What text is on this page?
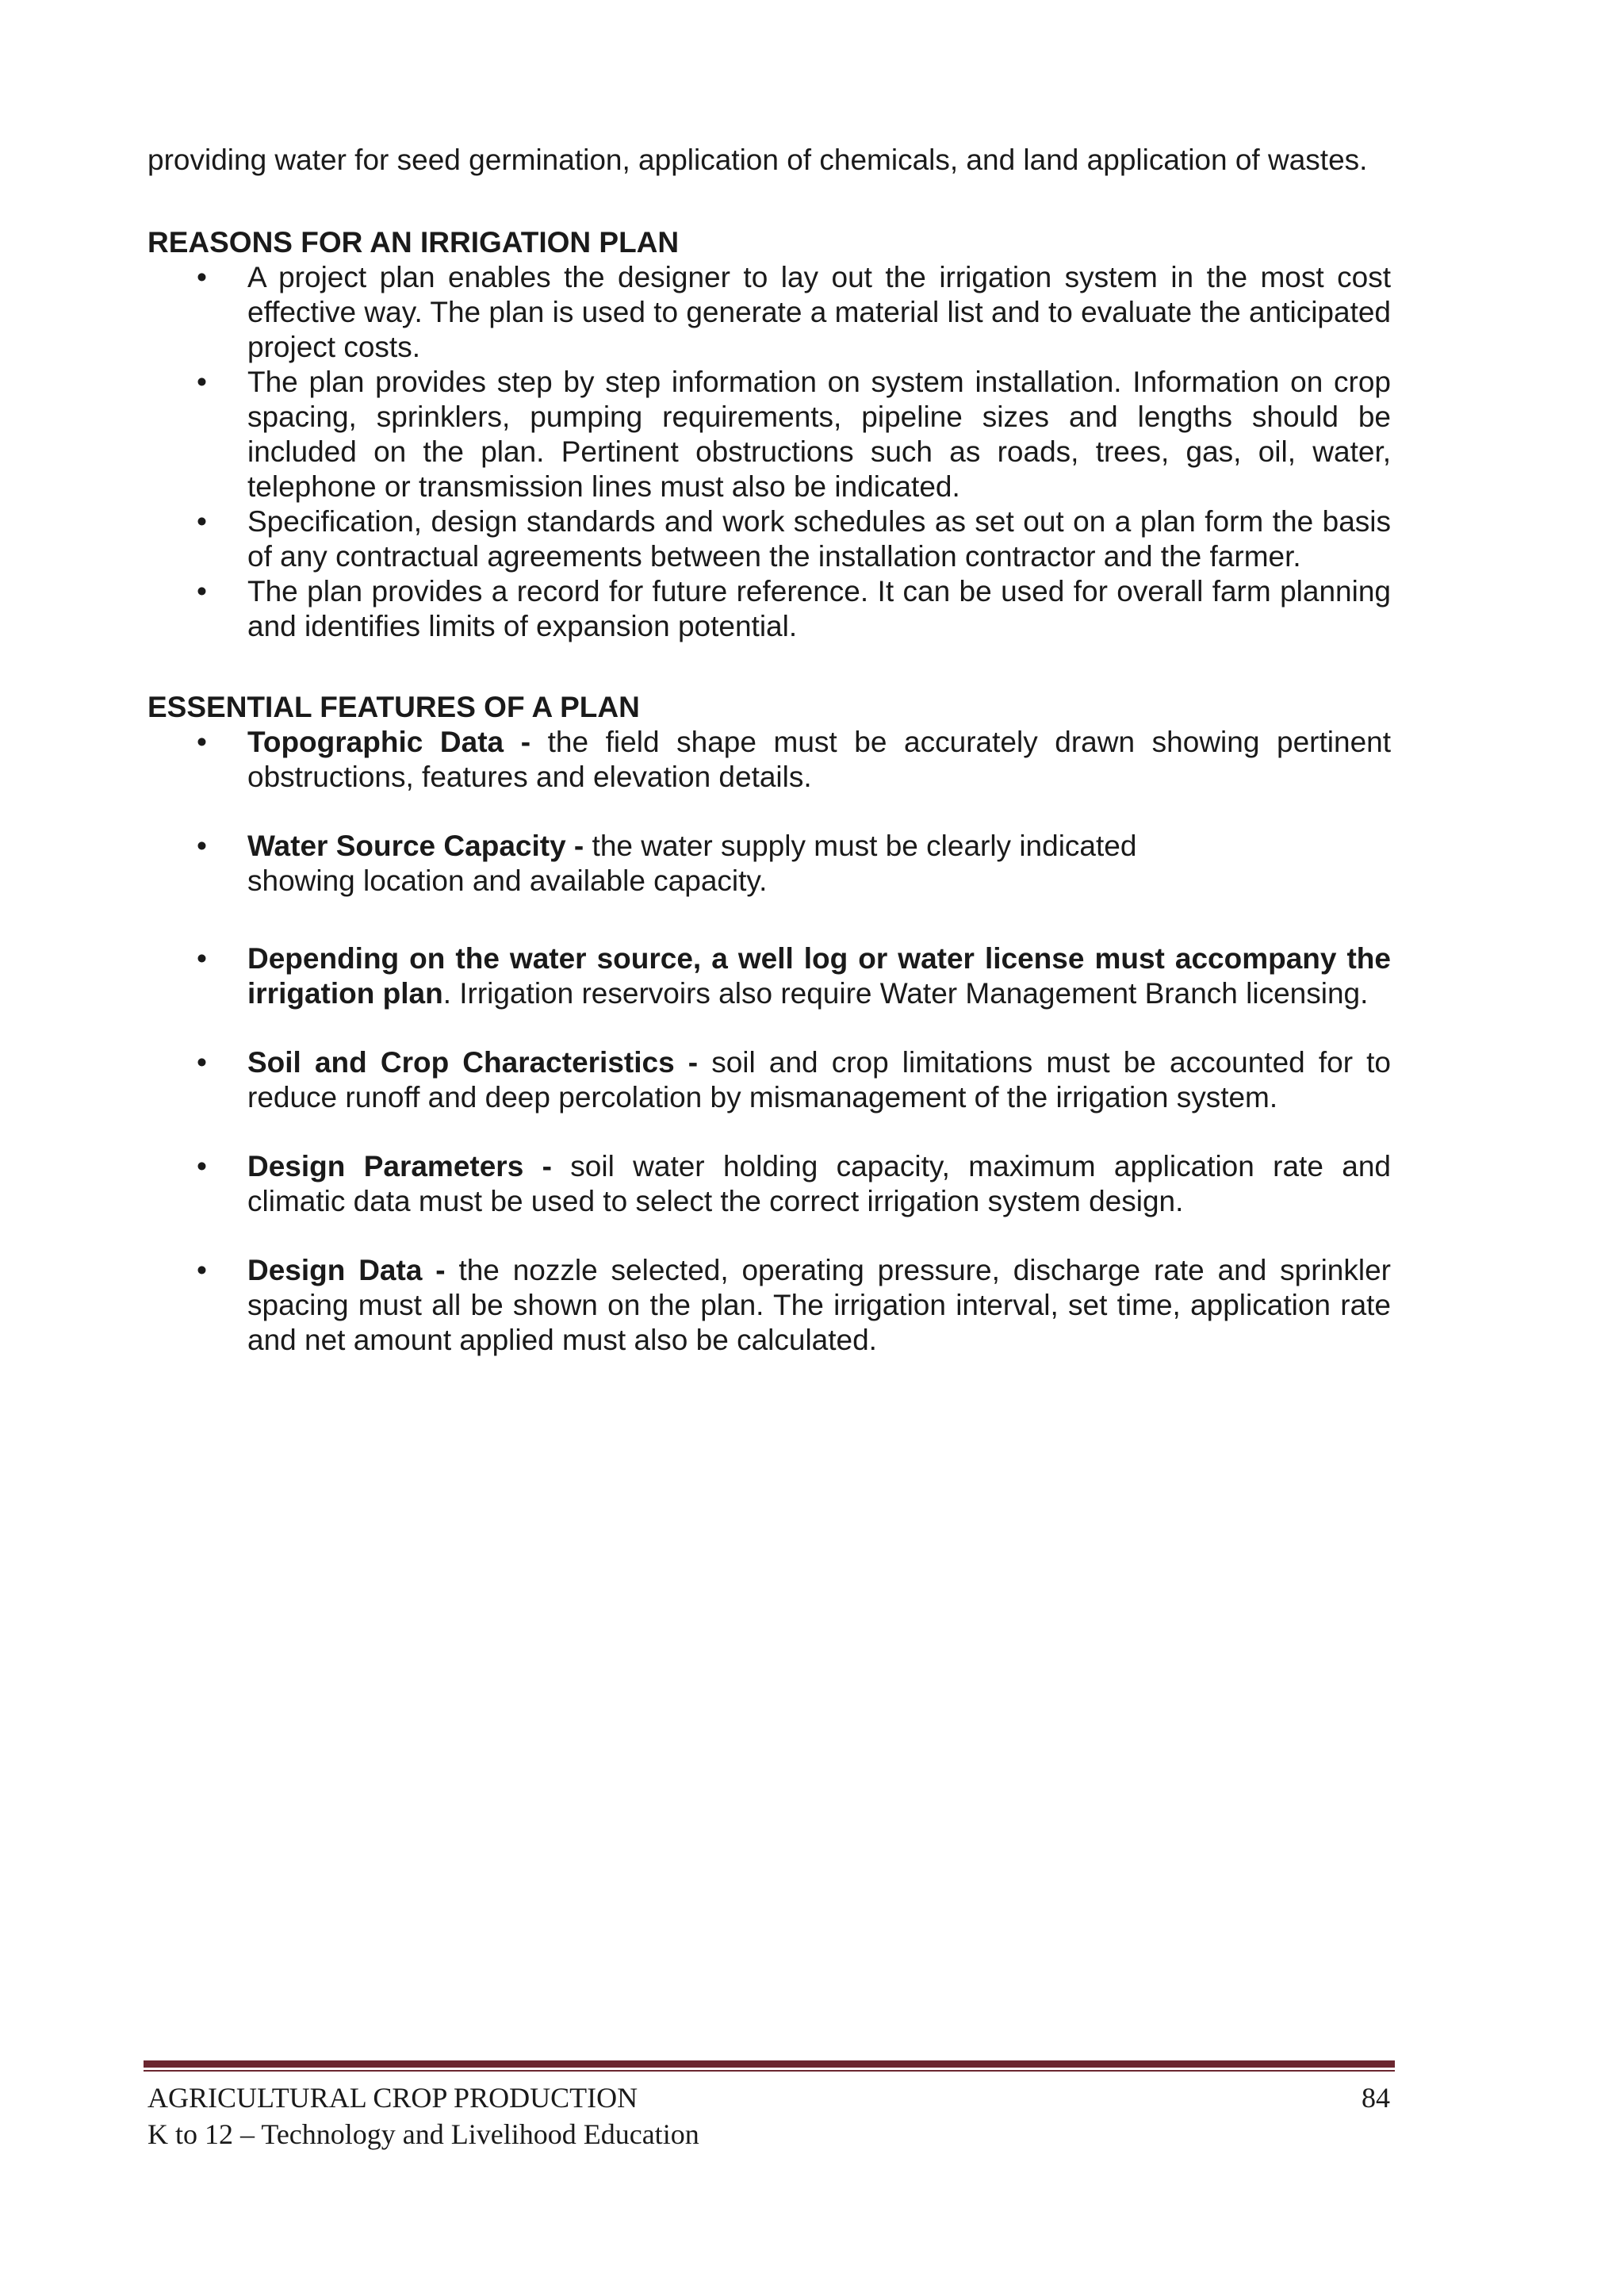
providing water for seed germination, application of chemicals, and land application of wastes.

REASONS FOR AN IRRIGATION PLAN
• A project plan enables the designer to lay out the irrigation system in the most cost effective way. The plan is used to generate a material list and to evaluate the anticipated project costs.
• The plan provides step by step information on system installation. Information on crop spacing, sprinklers, pumping requirements, pipeline sizes and lengths should be included on the plan. Pertinent obstructions such as roads, trees, gas, oil, water, telephone or transmission lines must also be indicated.
• Specification, design standards and work schedules as set out on a plan form the basis of any contractual agreements between the installation contractor and the farmer.
• The plan provides a record for future reference. It can be used for overall farm planning and identifies limits of expansion potential.
ESSENTIAL FEATURES OF A PLAN
• Topographic Data - the field shape must be accurately drawn showing pertinent obstructions, features and elevation details.
• Water Source Capacity - the water supply must be clearly indicated
showing location and available capacity.
• Depending on the water source, a well log or water license must accompany the irrigation plan. Irrigation reservoirs also require Water Management Branch licensing.
• Soil and Crop Characteristics - soil and crop limitations must be accounted for to reduce runoff and deep percolation by mismanagement of the irrigation system.
• Design Parameters - soil water holding capacity, maximum application rate and climatic data must be used to select the correct irrigation system design.
• Design Data - the nozzle selected, operating pressure, discharge rate and sprinkler spacing must all be shown on the plan. The irrigation interval, set time, application rate and net amount applied must also be calculated.
AGRICULTURAL CROP PRODUCTION
K to 12 – Technology and Livelihood Education
84
